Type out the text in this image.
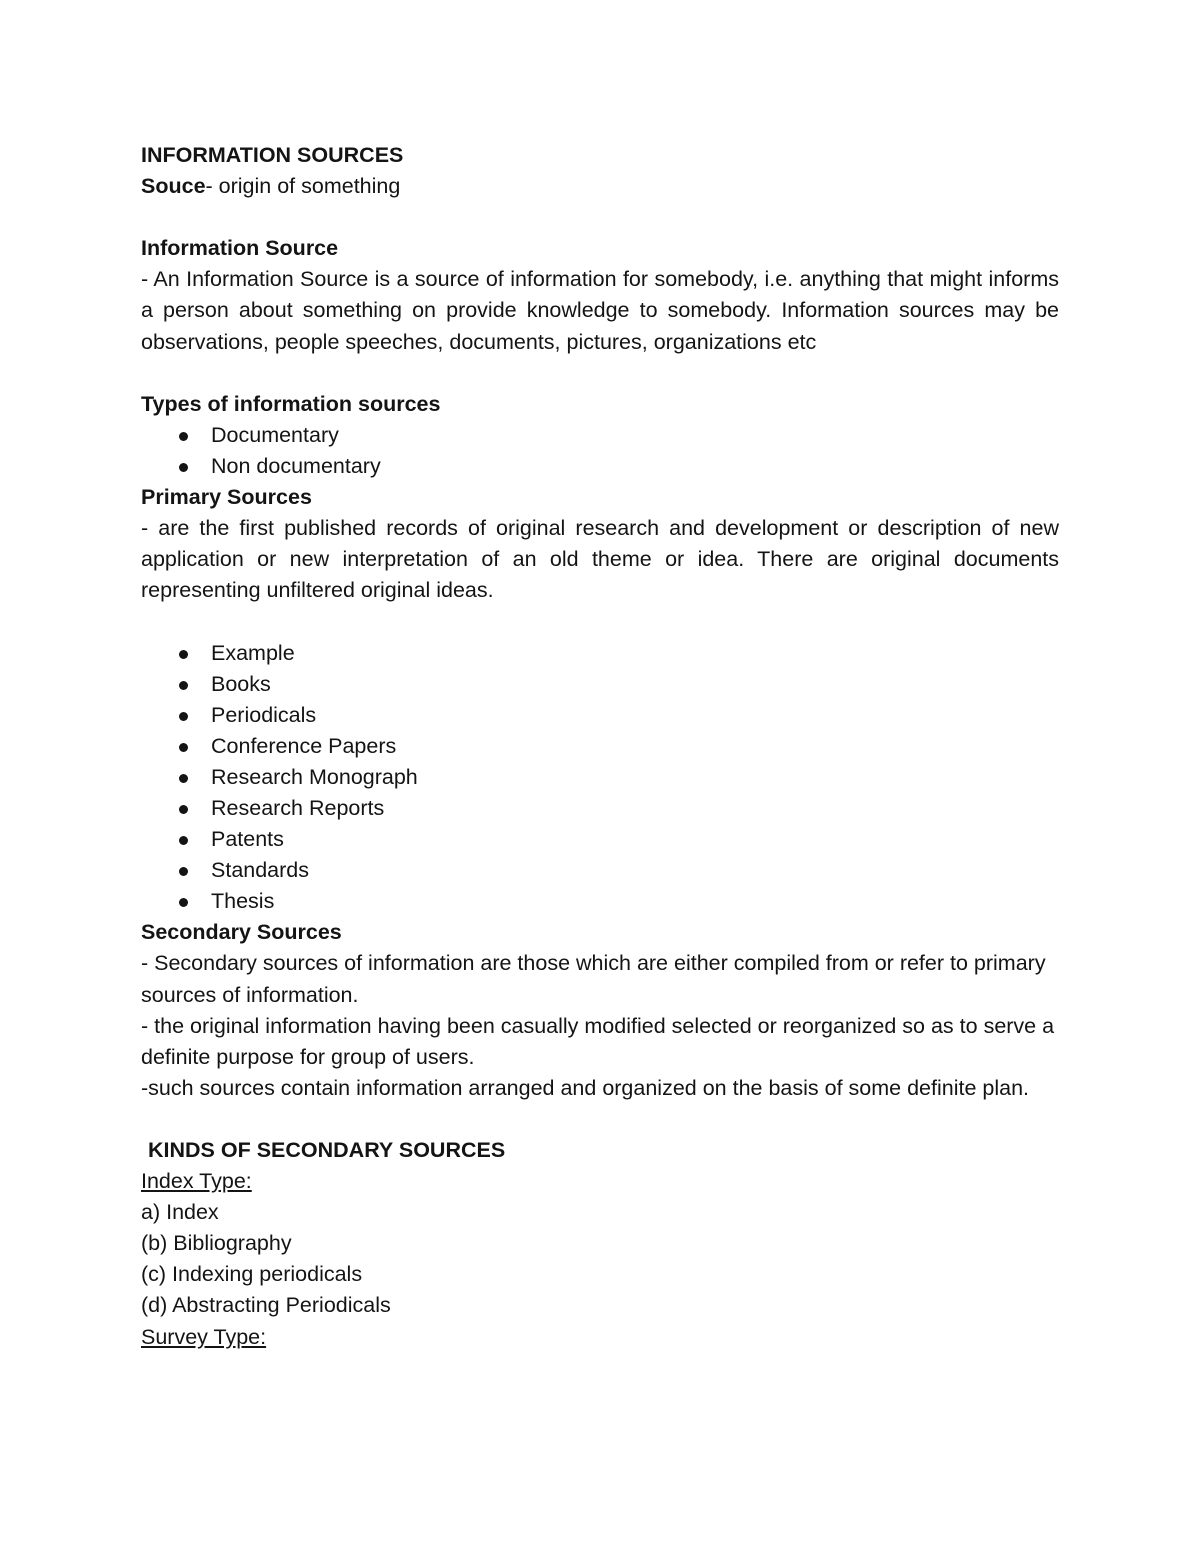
INFORMATION SOURCES

Souce- origin of something

Information Source

- An Information Source is a source of information for somebody, i.e. anything that might informs a person about something on provide knowledge to somebody. Information sources may be observations, people speeches, documents, pictures, organizations etc

Types of information sources
Documentary
Non documentary
Primary Sources

- are the first published records of original research and development or description of new application or new interpretation of an old theme or idea. There are original documents representing unfiltered original ideas.

Example
Books
Periodicals
Conference Papers
Research Monograph
Research Reports
Patents
Standards
Thesis
Secondary Sources

- Secondary sources of information are those which are either compiled from or refer to primary sources of information.

- the original information having been casually modified selected or reorganized so as to serve a definite purpose for group of users.

-such sources contain information arranged and organized on the basis of some definite plan.

KINDS OF SECONDARY SOURCES

Index Type:

a) Index

(b) Bibliography

(c) Indexing periodicals

(d) Abstracting Periodicals

Survey Type:
